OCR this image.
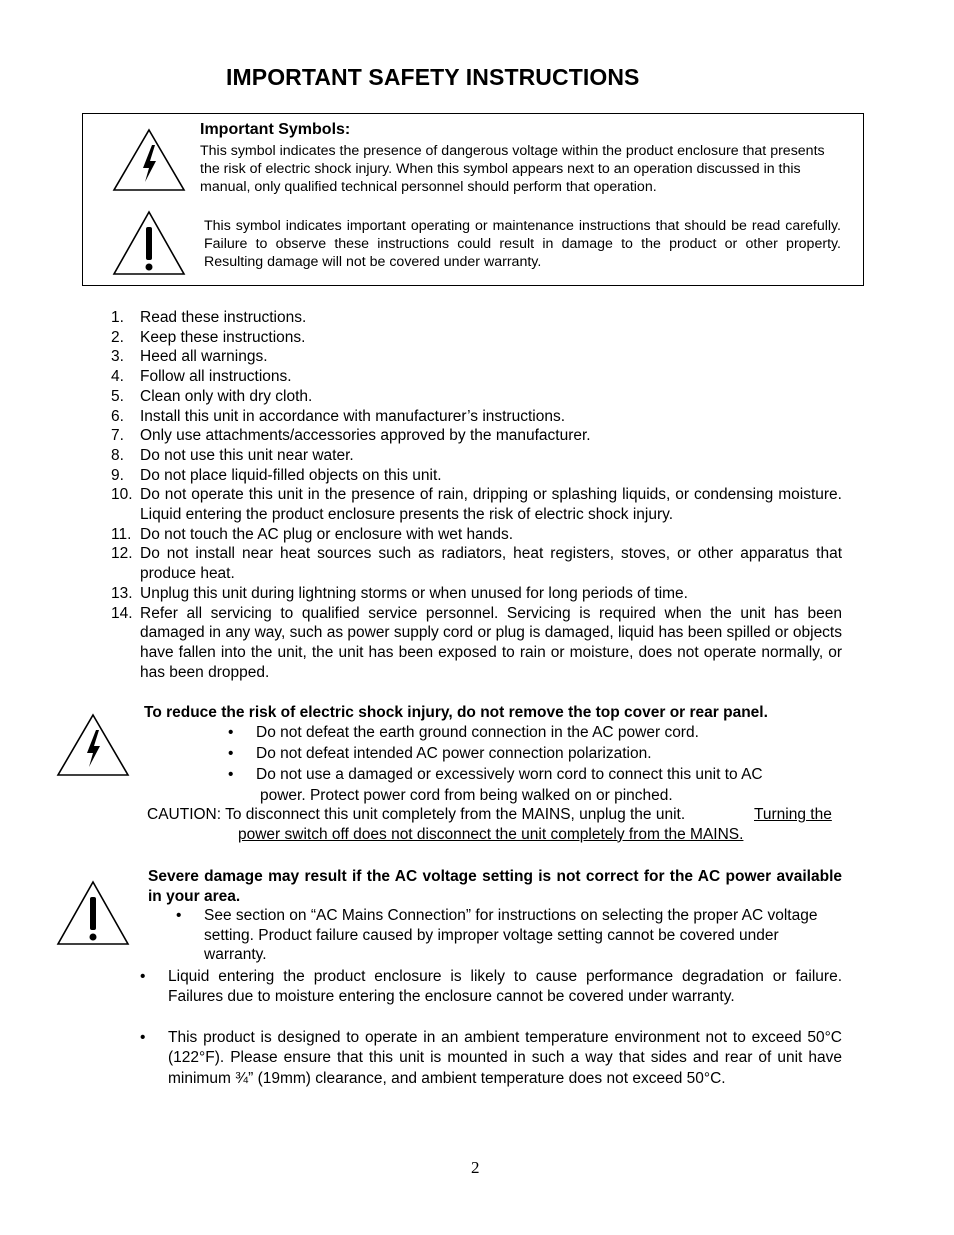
IMPORTANT SAFETY INSTRUCTIONS
Important Symbols:
This symbol indicates the presence of dangerous voltage within the product enclosure that presents the risk of electric shock injury. When this symbol appears next to an operation discussed in this manual, only qualified technical personnel should perform that operation.
This symbol indicates important operating or maintenance instructions that should be read carefully. Failure to observe these instructions could result in damage to the product or other property. Resulting damage will not be covered under warranty.
1.	Read these instructions.
2.	Keep these instructions.
3.	Heed all warnings.
4.	Follow all instructions.
5.	Clean only with dry cloth.
6.	Install this unit in accordance with manufacturer’s instructions.
7.	Only use attachments/accessories approved by the manufacturer.
8.	Do not use this unit near water.
9.	Do not place liquid-filled objects on this unit.
10. Do not operate this unit in the presence of rain, dripping or splashing liquids, or condensing moisture. Liquid entering the product enclosure presents the risk of electric shock injury.
11. Do not touch the AC plug or enclosure with wet hands.
12. Do not install near heat sources such as radiators, heat registers, stoves, or other apparatus that produce heat.
13. Unplug this unit during lightning storms or when unused for long periods of time.
14. Refer all servicing to qualified service personnel. Servicing is required when the unit has been damaged in any way, such as power supply cord or plug is damaged, liquid has been spilled or objects have fallen into the unit, the unit has been exposed to rain or moisture, does not operate normally, or has been dropped.
To reduce the risk of electric shock injury, do not remove the top cover or rear panel.
• Do not defeat the earth ground connection in the AC power cord.
• Do not defeat intended AC power connection polarization.
• Do not use a damaged or excessively worn cord to connect this unit to AC
power. Protect power cord from being walked on or pinched.
CAUTION: To disconnect this unit completely from the MAINS, unplug the unit.	Turning the
power switch off does not disconnect the unit completely from the MAINS.
Severe damage may result if the AC voltage setting is not correct for the AC power available in your area.
• See section on “AC Mains Connection” for instructions on selecting the proper AC voltage setting. Product failure caused by improper voltage setting cannot be covered under warranty.
• Liquid entering the product enclosure is likely to cause performance degradation or failure. Failures due to moisture entering the enclosure cannot be covered under warranty.
• This product is designed to operate in an ambient temperature environment not to exceed 50°C (122°F). Please ensure that this unit is mounted in such a way that sides and rear of unit have minimum ¾” (19mm) clearance, and ambient temperature does not exceed 50°C.
2
